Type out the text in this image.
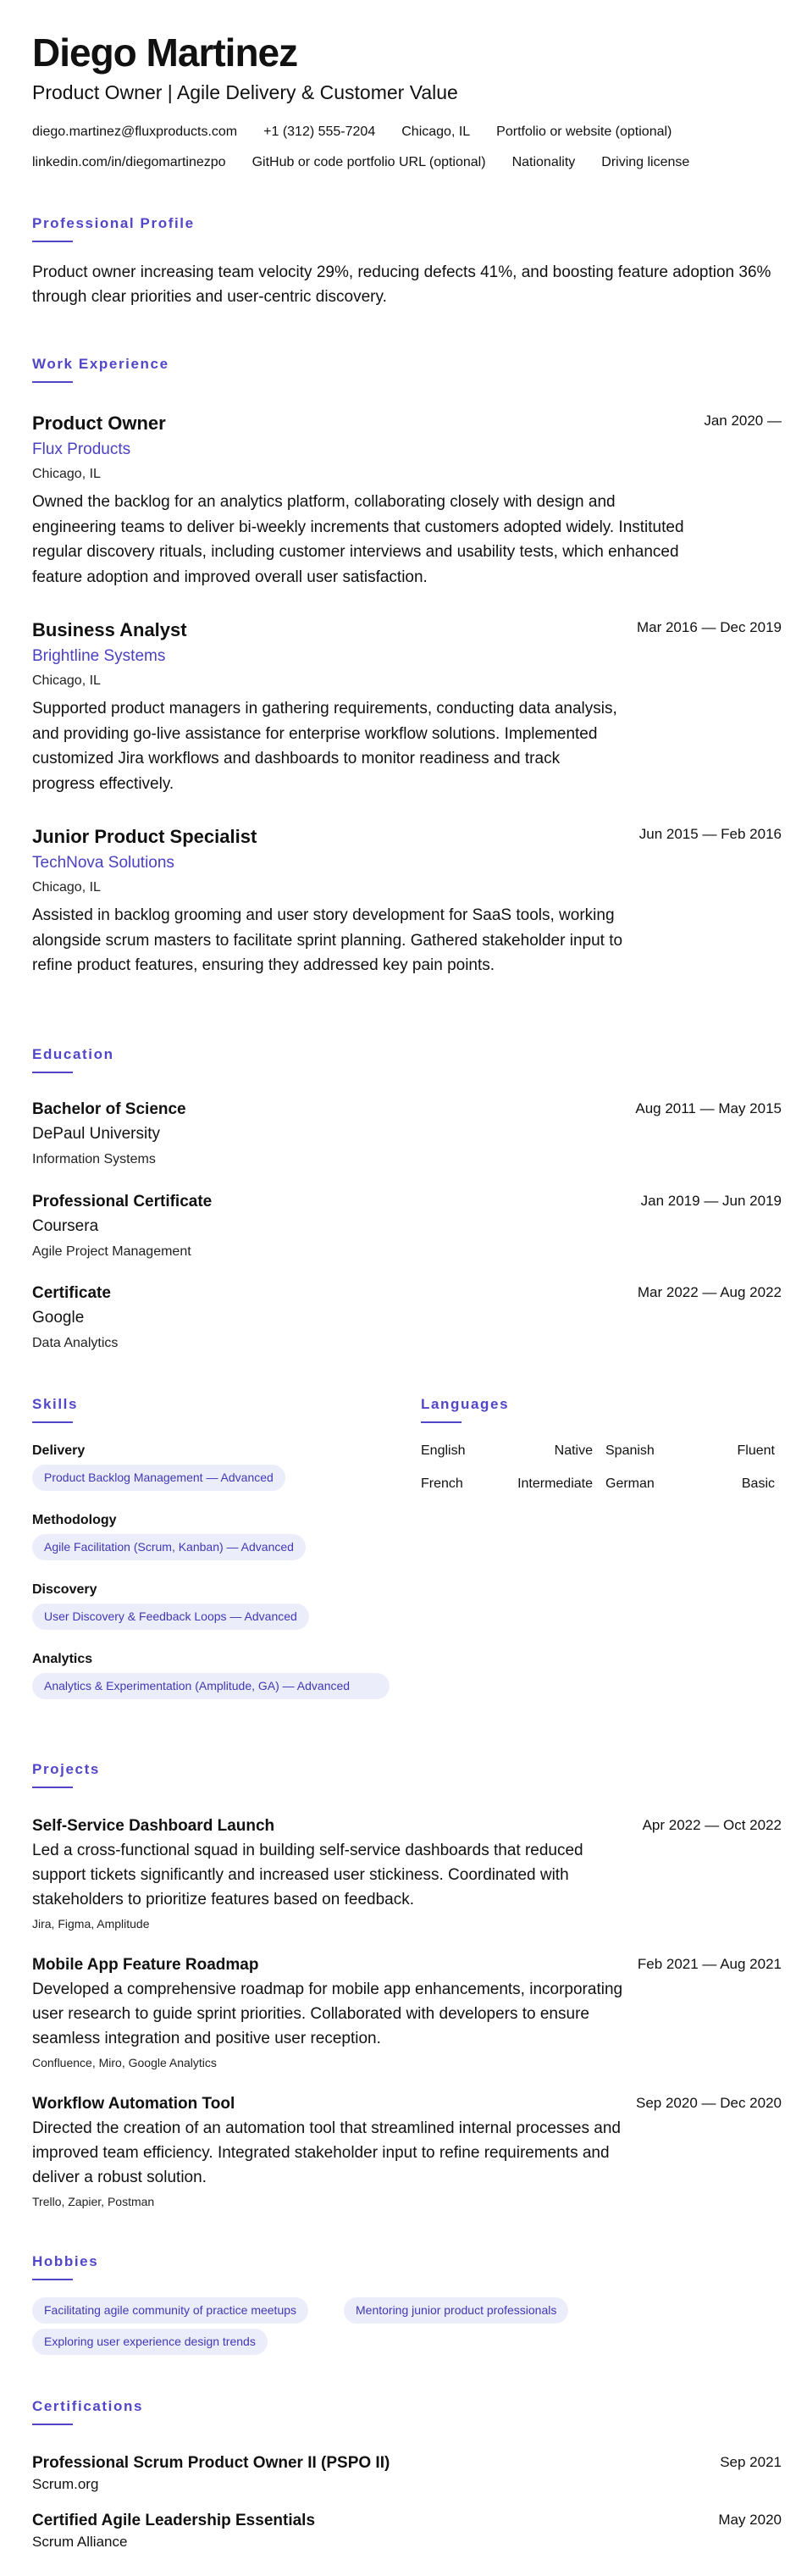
Diego Martinez
Product Owner | Agile Delivery & Customer Value
diego.martinez@fluxproducts.com +1 (312) 555-7204 Chicago, IL Portfolio or website (optional)
linkedin.com/in/diegomartinezpo GitHub or code portfolio URL (optional) Nationality Driving license
Professional Profile
Product owner increasing team velocity 29%, reducing defects 41%, and boosting feature adoption 36% through clear priorities and user-centric discovery.
Work Experience
Product Owner	Jan 2020 —
Flux Products
Chicago, IL
Owned the backlog for an analytics platform, collaborating closely with design and engineering teams to deliver bi-weekly increments that customers adopted widely. Instituted regular discovery rituals, including customer interviews and usability tests, which enhanced feature adoption and improved overall user satisfaction.
Business Analyst	Mar 2016 — Dec 2019
Brightline Systems
Chicago, IL
Supported product managers in gathering requirements, conducting data analysis, and providing go-live assistance for enterprise workflow solutions. Implemented customized Jira workflows and dashboards to monitor readiness and track progress effectively.
Junior Product Specialist	Jun 2015 — Feb 2016
TechNova Solutions
Chicago, IL
Assisted in backlog grooming and user story development for SaaS tools, working alongside scrum masters to facilitate sprint planning. Gathered stakeholder input to refine product features, ensuring they addressed key pain points.
Education
Bachelor of Science	Aug 2011 — May 2015
DePaul University
Information Systems
Professional Certificate	Jan 2019 — Jun 2019
Coursera
Agile Project Management
Certificate	Mar 2022 — Aug 2022
Google
Data Analytics
Skills
Delivery
Product Backlog Management — Advanced
Methodology
Agile Facilitation (Scrum, Kanban) — Advanced
Discovery
User Discovery & Feedback Loops — Advanced
Analytics
Analytics & Experimentation (Amplitude, GA) — Advanced
Languages
English	Native Spanish	Fluent
French	Intermediate German	Basic
Projects
Self-Service Dashboard Launch	Apr 2022 — Oct 2022
Led a cross-functional squad in building self-service dashboards that reduced support tickets significantly and increased user stickiness. Coordinated with stakeholders to prioritize features based on feedback.
Jira, Figma, Amplitude
Mobile App Feature Roadmap	Feb 2021 — Aug 2021
Developed a comprehensive roadmap for mobile app enhancements, incorporating user research to guide sprint priorities. Collaborated with developers to ensure seamless integration and positive user reception.
Confluence, Miro, Google Analytics
Workflow Automation Tool	Sep 2020 — Dec 2020
Directed the creation of an automation tool that streamlined internal processes and improved team efficiency. Integrated stakeholder input to refine requirements and deliver a robust solution.
Trello, Zapier, Postman
Hobbies
Facilitating agile community of practice meetups	Mentoring junior product professionals
Exploring user experience design trends
Certifications
Professional Scrum Product Owner II (PSPO II)	Sep 2021
Scrum.org
Certified Agile Leadership Essentials	May 2020
Scrum Alliance
